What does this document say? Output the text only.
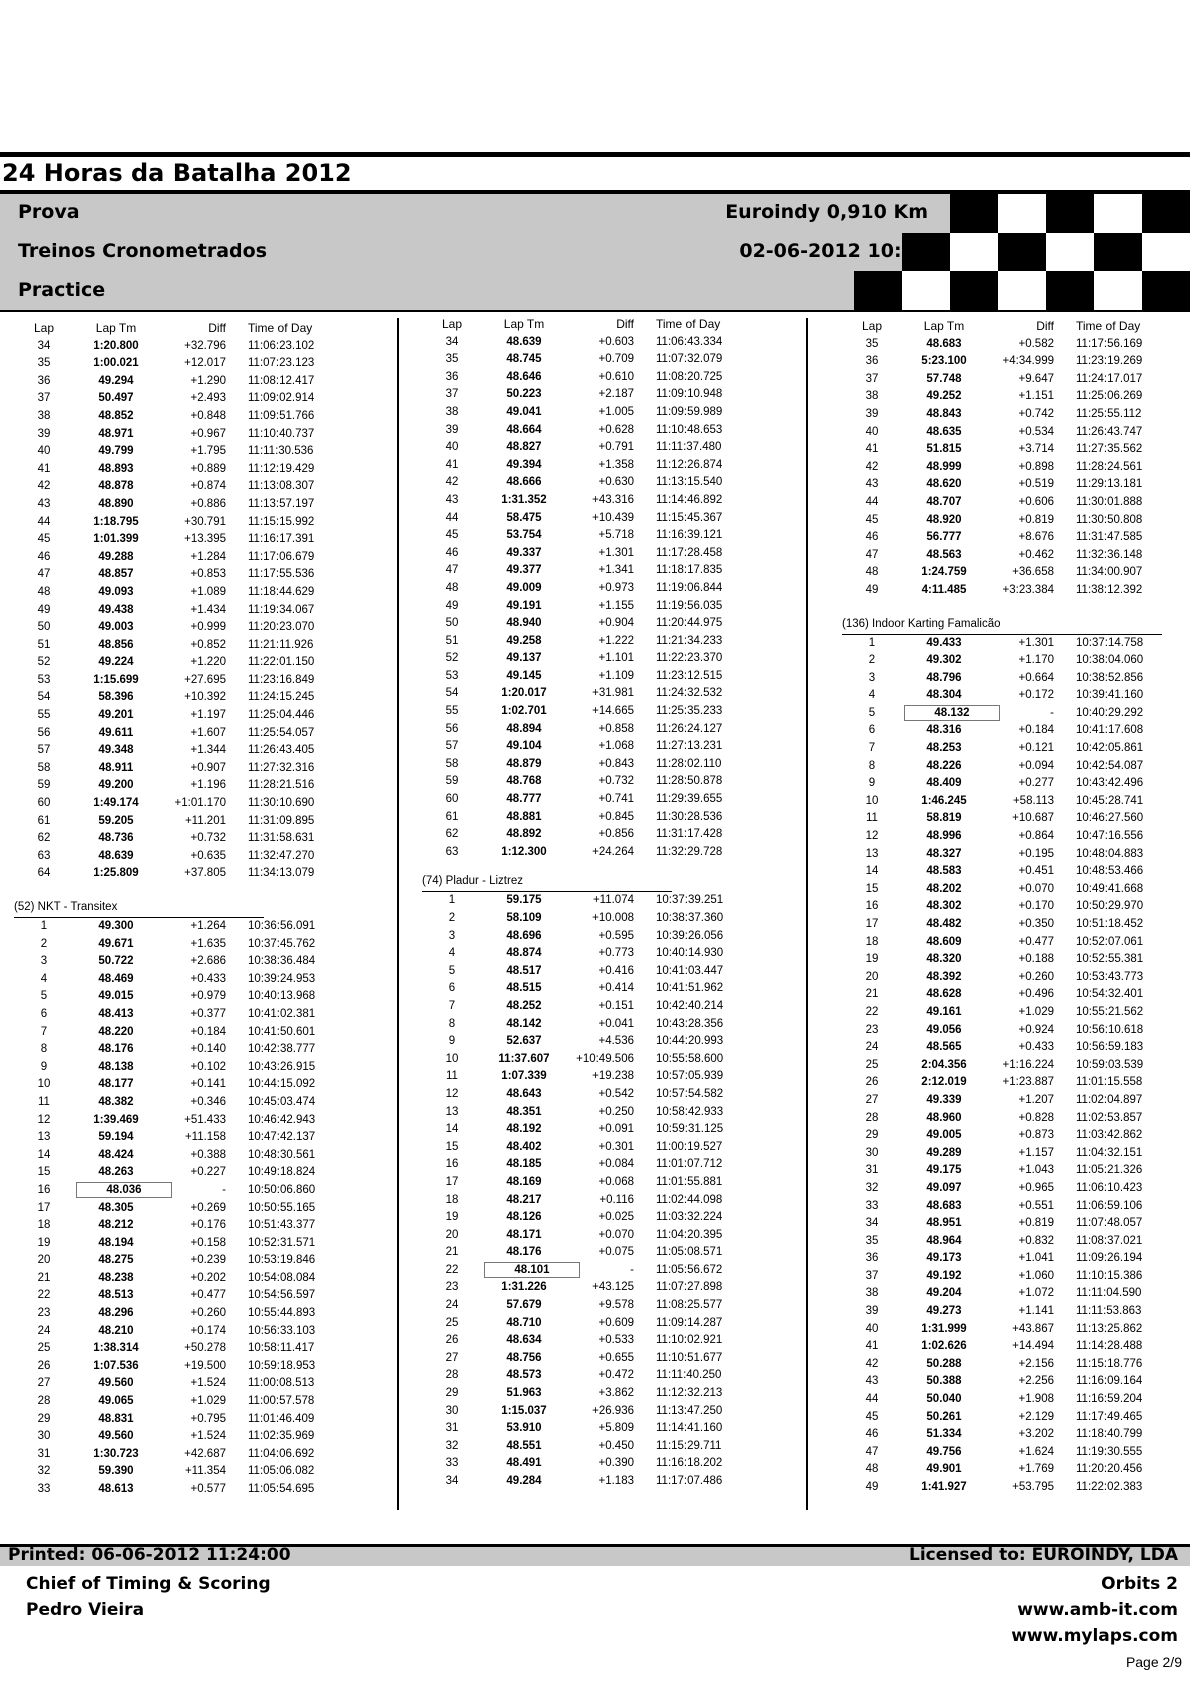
24 Horas da Batalha 2012
Prova
Treinos Cronometrados
Practice
Euroindy 0,910 Km
02-06-2012 10:00
Lap	Lap Tm	Diff Time of Day
34	1:20.800	+32.796 11:06:23.102
35	1:00.021	+12.017 11:07:23.123
36	49.294	+1.290 11:08:12.417
37	50.497	+2.493 11:09:02.914
38	48.852	+0.848 11:09:51.766
39	48.971	+0.967 11:10:40.737
40	49.799	+1.795 11:11:30.536
41	48.893	+0.889 11:12:19.429
42	48.878	+0.874 11:13:08.307
43	48.890	+0.886 11:13:57.197
44	1:18.795	+30.791 11:15:15.992
45	1:01.399	+13.395 11:16:17.391
46	49.288	+1.284 11:17:06.679
47	48.857	+0.853 11:17:55.536
48	49.093	+1.089 11:18:44.629
49	49.438	+1.434 11:19:34.067
50	49.003	+0.999 11:20:23.070
51	48.856	+0.852 11:21:11.926
52	49.224	+1.220 11:22:01.150
53	1:15.699	+27.695 11:23:16.849
54	58.396	+10.392 11:24:15.245
55	49.201	+1.197 11:25:04.446
56	49.611	+1.607 11:25:54.057
57	49.348	+1.344 11:26:43.405
58	48.911	+0.907 11:27:32.316
59	49.200	+1.196 11:28:21.516
60	1:49.174	+1:01.170 11:30:10.690
61	59.205	+11.201 11:31:09.895
62	48.736	+0.732 11:31:58.631
63	48.639	+0.635 11:32:47.270
64	1:25.809	+37.805 11:34:13.079
(52) NKT - Transitex
1	49.300	+1.264 10:36:56.091
2	49.671	+1.635 10:37:45.762
3	50.722	+2.686 10:38:36.484
4	48.469	+0.433 10:39:24.953
5	49.015	+0.979 10:40:13.968
6	48.413	+0.377 10:41:02.381
7	48.220	+0.184 10:41:50.601
8	48.176	+0.140 10:42:38.777
9	48.138	+0.102 10:43:26.915
10	48.177	+0.141 10:44:15.092
11	48.382	+0.346 10:45:03.474
12	1:39.469	+51.433 10:46:42.943
13	59.194	+11.158 10:47:42.137
14	48.424	+0.388 10:48:30.561
15	48.263	+0.227 10:49:18.824
16	48.036	- 10:50:06.860
17	48.305	+0.269 10:50:55.165
18	48.212	+0.176 10:51:43.377
19	48.194	+0.158 10:52:31.571
20	48.275	+0.239 10:53:19.846
21	48.238	+0.202 10:54:08.084
22	48.513	+0.477 10:54:56.597
23	48.296	+0.260 10:55:44.893
24	48.210	+0.174 10:56:33.103
25	1:38.314	+50.278 10:58:11.417
26	1:07.536	+19.500 10:59:18.953
27	49.560	+1.524 11:00:08.513
28	49.065	+1.029 11:00:57.578
29	48.831	+0.795 11:01:46.409
30	49.560	+1.524 11:02:35.969
31	1:30.723	+42.687 11:04:06.692
32	59.390	+11.354 11:05:06.082
33	48.613	+0.577 11:05:54.695
Lap	Lap Tm	Diff Time of Day
34	48.639	+0.603 11:06:43.334
35	48.745	+0.709 11:07:32.079
36	48.646	+0.610 11:08:20.725
37	50.223	+2.187 11:09:10.948
38	49.041	+1.005 11:09:59.989
39	48.664	+0.628 11:10:48.653
40	48.827	+0.791 11:11:37.480
41	49.394	+1.358 11:12:26.874
42	48.666	+0.630 11:13:15.540
43	1:31.352	+43.316 11:14:46.892
44	58.475	+10.439 11:15:45.367
45	53.754	+5.718 11:16:39.121
46	49.337	+1.301 11:17:28.458
47	49.377	+1.341 11:18:17.835
48	49.009	+0.973 11:19:06.844
49	49.191	+1.155 11:19:56.035
50	48.940	+0.904 11:20:44.975
51	49.258	+1.222 11:21:34.233
52	49.137	+1.101 11:22:23.370
53	49.145	+1.109 11:23:12.515
54	1:20.017	+31.981 11:24:32.532
55	1:02.701	+14.665 11:25:35.233
56	48.894	+0.858 11:26:24.127
57	49.104	+1.068 11:27:13.231
58	48.879	+0.843 11:28:02.110
59	48.768	+0.732 11:28:50.878
60	48.777	+0.741 11:29:39.655
61	48.881	+0.845 11:30:28.536
62	48.892	+0.856 11:31:17.428
63	1:12.300	+24.264 11:32:29.728
(74) Pladur - Liztrez
1	59.175	+11.074 10:37:39.251
2	58.109	+10.008 10:38:37.360
3	48.696	+0.595 10:39:26.056
4	48.874	+0.773 10:40:14.930
5	48.517	+0.416 10:41:03.447
6	48.515	+0.414 10:41:51.962
7	48.252	+0.151 10:42:40.214
8	48.142	+0.041 10:43:28.356
9	52.637	+4.536 10:44:20.993
10	11:37.607	+10:49.506 10:55:58.600
11	1:07.339	+19.238 10:57:05.939
12	48.643	+0.542 10:57:54.582
13	48.351	+0.250 10:58:42.933
14	48.192	+0.091 10:59:31.125
15	48.402	+0.301 11:00:19.527
16	48.185	+0.084 11:01:07.712
17	48.169	+0.068 11:01:55.881
18	48.217	+0.116 11:02:44.098
19	48.126	+0.025 11:03:32.224
20	48.171	+0.070 11:04:20.395
21	48.176	+0.075 11:05:08.571
22	48.101	- 11:05:56.672
23	1:31.226	+43.125 11:07:27.898
24	57.679	+9.578 11:08:25.577
25	48.710	+0.609 11:09:14.287
26	48.634	+0.533 11:10:02.921
27	48.756	+0.655 11:10:51.677
28	48.573	+0.472 11:11:40.250
29	51.963	+3.862 11:12:32.213
30	1:15.037	+26.936 11:13:47.250
31	53.910	+5.809 11:14:41.160
32	48.551	+0.450 11:15:29.711
33	48.491	+0.390 11:16:18.202
34	49.284	+1.183 11:17:07.486
Lap	Lap Tm	Diff Time of Day
35	48.683	+0.582 11:17:56.169
36	5:23.100	+4:34.999 11:23:19.269
37	57.748	+9.647 11:24:17.017
38	49.252	+1.151 11:25:06.269
39	48.843	+0.742 11:25:55.112
40	48.635	+0.534 11:26:43.747
41	51.815	+3.714 11:27:35.562
42	48.999	+0.898 11:28:24.561
43	48.620	+0.519 11:29:13.181
44	48.707	+0.606 11:30:01.888
45	48.920	+0.819 11:30:50.808
46	56.777	+8.676 11:31:47.585
47	48.563	+0.462 11:32:36.148
48	1:24.759	+36.658 11:34:00.907
49	4:11.485	+3:23.384 11:38:12.392
(136) Indoor Karting Famalicão
1	49.433	+1.301 10:37:14.758
2	49.302	+1.170 10:38:04.060
3	48.796	+0.664 10:38:52.856
4	48.304	+0.172 10:39:41.160
5	48.132	- 10:40:29.292
6	48.316	+0.184 10:41:17.608
7	48.253	+0.121 10:42:05.861
8	48.226	+0.094 10:42:54.087
9	48.409	+0.277 10:43:42.496
10	1:46.245	+58.113 10:45:28.741
11	58.819	+10.687 10:46:27.560
12	48.996	+0.864 10:47:16.556
13	48.327	+0.195 10:48:04.883
14	48.583	+0.451 10:48:53.466
15	48.202	+0.070 10:49:41.668
16	48.302	+0.170 10:50:29.970
17	48.482	+0.350 10:51:18.452
18	48.609	+0.477 10:52:07.061
19	48.320	+0.188 10:52:55.381
20	48.392	+0.260 10:53:43.773
21	48.628	+0.496 10:54:32.401
22	49.161	+1.029 10:55:21.562
23	49.056	+0.924 10:56:10.618
24	48.565	+0.433 10:56:59.183
25	2:04.356	+1:16.224 10:59:03.539
26	2:12.019	+1:23.887 11:01:15.558
27	49.339	+1.207 11:02:04.897
28	48.960	+0.828 11:02:53.857
29	49.005	+0.873 11:03:42.862
30	49.289	+1.157 11:04:32.151
31	49.175	+1.043 11:05:21.326
32	49.097	+0.965 11:06:10.423
33	48.683	+0.551 11:06:59.106
34	48.951	+0.819 11:07:48.057
35	48.964	+0.832 11:08:37.021
36	49.173	+1.041 11:09:26.194
37	49.192	+1.060 11:10:15.386
38	49.204	+1.072 11:11:04.590
39	49.273	+1.141 11:11:53.863
40	1:31.999	+43.867 11:13:25.862
41	1:02.626	+14.494 11:14:28.488
42	50.288	+2.156 11:15:18.776
43	50.388	+2.256 11:16:09.164
44	50.040	+1.908 11:16:59.204
45	50.261	+2.129 11:17:49.465
46	51.334	+3.202 11:18:40.799
47	49.756	+1.624 11:19:30.555
48	49.901	+1.769 11:20:20.456
49	1:41.927	+53.795 11:22:02.383
Printed: 06-06-2012 11:24:00	Licensed to: EUROINDY, LDA
Chief of Timing & Scoring
Pedro Vieira
Orbits 2
www.amb-it.com
www.mylaps.com
Page 2/9
